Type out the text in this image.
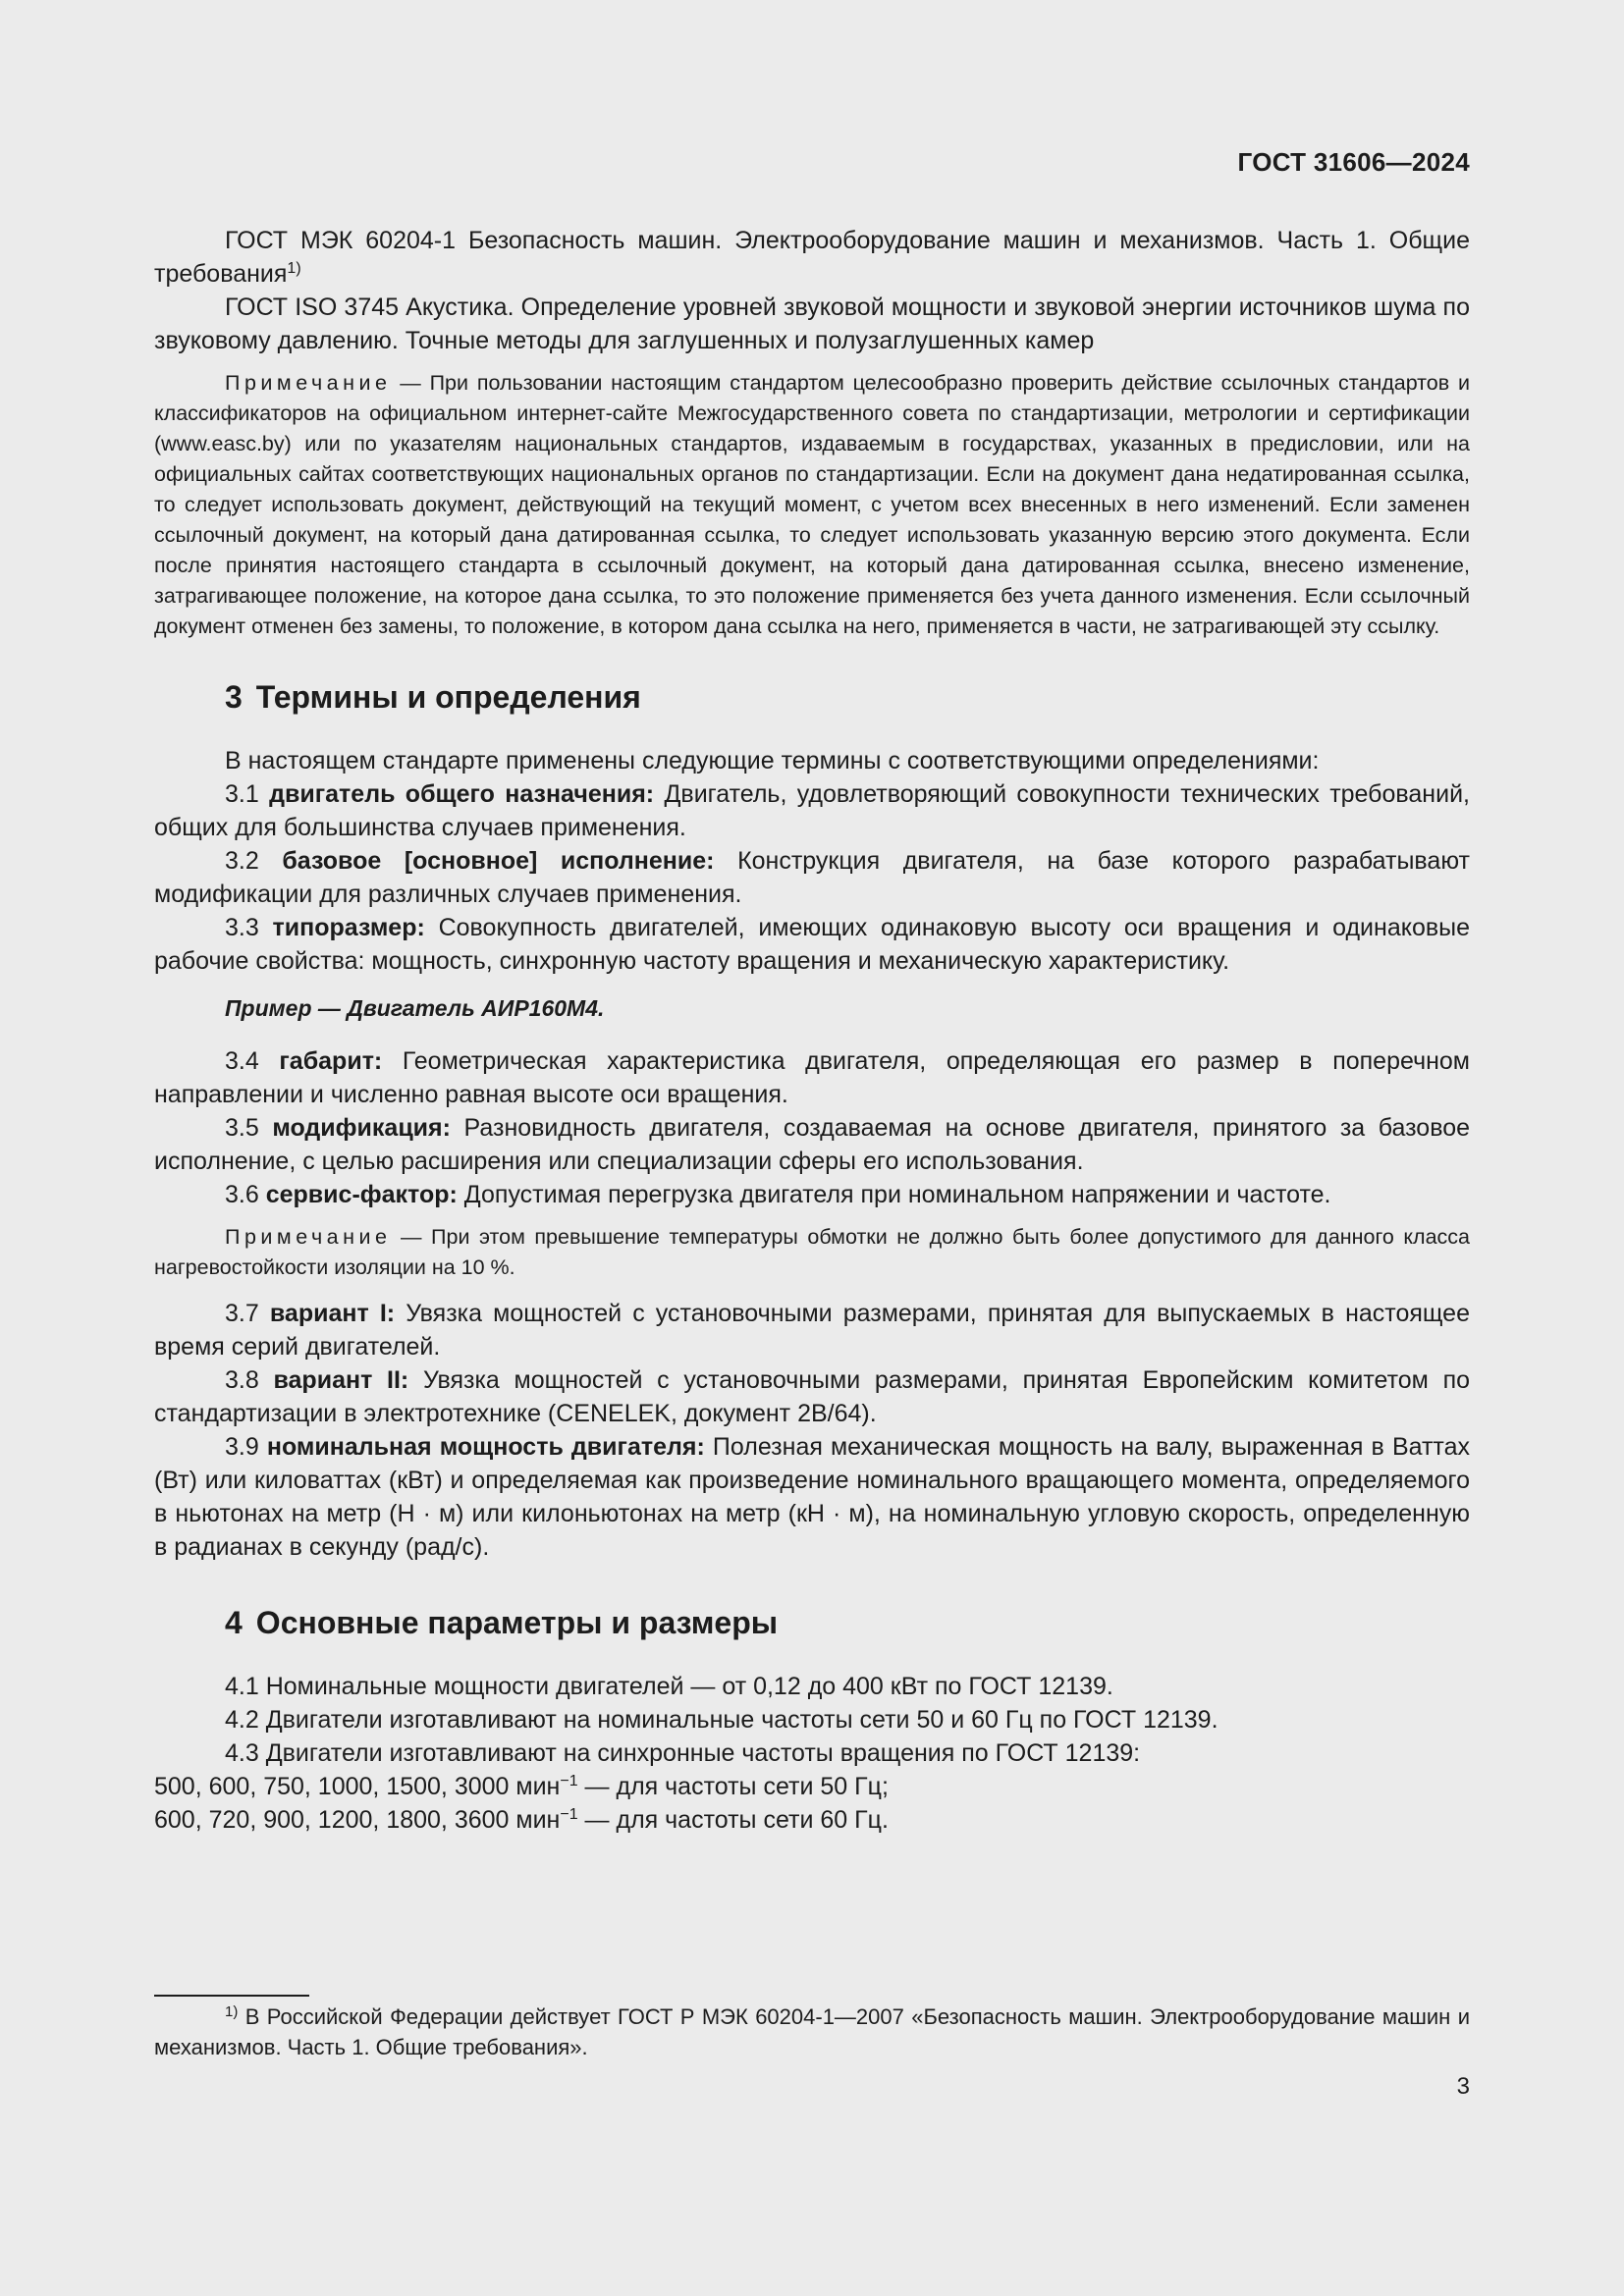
ГОСТ 31606—2024

ГОСТ МЭК 60204-1 Безопасность машин. Электрооборудование машин и механизмов. Часть 1. Общие требования$^{1)}$

ГОСТ ISO 3745 Акустика. Определение уровней звуковой мощности и звуковой энергии источников шума по звуковому давлению. Точные методы для заглушенных и полузаглушенных камер

Примечание — При пользовании настоящим стандартом целесообразно проверить действие ссылочных стандартов и классификаторов на официальном интернет-сайте Межгосударственного совета по стандартизации, метрологии и сертификации (www.easc.by) или по указателям национальных стандартов, издаваемым в государствах, указанных в предисловии, или на официальных сайтах соответствующих национальных органов по стандартизации. Если на документ дана недатированная ссылка, то следует использовать документ, действующий на текущий момент, с учетом всех внесенных в него изменений. Если заменен ссылочный документ, на который дана датированная ссылка, то следует использовать указанную версию этого документа. Если после принятия настоящего стандарта в ссылочный документ, на который дана датированная ссылка, внесено изменение, затрагивающее положение, на которое дана ссылка, то это положение применяется без учета данного изменения. Если ссылочный документ отменен без замены, то положение, в котором дана ссылка на него, применяется в части, не затрагивающей эту ссылку.

3 Термины и определения

В настоящем стандарте применены следующие термины с соответствующими определениями:

3.1 двигатель общего назначения: Двигатель, удовлетворяющий совокупности технических требований, общих для большинства случаев применения.

3.2 базовое [основное] исполнение: Конструкция двигателя, на базе которого разрабатывают модификации для различных случаев применения.

3.3 типоразмер: Совокупность двигателей, имеющих одинаковую высоту оси вращения и одинаковые рабочие свойства: мощность, синхронную частоту вращения и механическую характеристику.

Пример — Двигатель АИР160М4.

3.4 габарит: Геометрическая характеристика двигателя, определяющая его размер в поперечном направлении и численно равная высоте оси вращения.

3.5 модификация: Разновидность двигателя, создаваемая на основе двигателя, принятого за базовое исполнение, с целью расширения или специализации сферы его использования.

3.6 сервис-фактор: Допустимая перегрузка двигателя при номинальном напряжении и частоте.

Примечание — При этом превышение температуры обмотки не должно быть более допустимого для данного класса нагревостойкости изоляции на 10 %.

3.7 вариант I: Увязка мощностей с установочными размерами, принятая для выпускаемых в настоящее время серий двигателей.

3.8 вариант II: Увязка мощностей с установочными размерами, принятая Европейским комитетом по стандартизации в электротехнике (CENELEK, документ 2В/64).

3.9 номинальная мощность двигателя: Полезная механическая мощность на валу, выраженная в Ваттах (Вт) или киловаттах (кВт) и определяемая как произведение номинального вращающего момента, определяемого в ньютонах на метр (Н · м) или килоньютонах на метр (кН · м), на номинальную угловую скорость, определенную в радианах в секунду (рад/с).

4 Основные параметры и размеры

4.1 Номинальные мощности двигателей — от 0,12 до 400 кВт по ГОСТ 12139.

4.2 Двигатели изготавливают на номинальные частоты сети 50 и 60 Гц по ГОСТ 12139.

4.3 Двигатели изготавливают на синхронные частоты вращения по ГОСТ 12139:

500, 600, 750, 1000, 1500, 3000 мин$^{-1}$ — для частоты сети 50 Гц;

600, 720, 900, 1200, 1800, 3600 мин$^{-1}$ — для частоты сети 60 Гц.

$^{1)}$ В Российской Федерации действует ГОСТ Р МЭК 60204-1—2007 «Безопасность машин. Электрооборудование машин и механизмов. Часть 1. Общие требования».
3
